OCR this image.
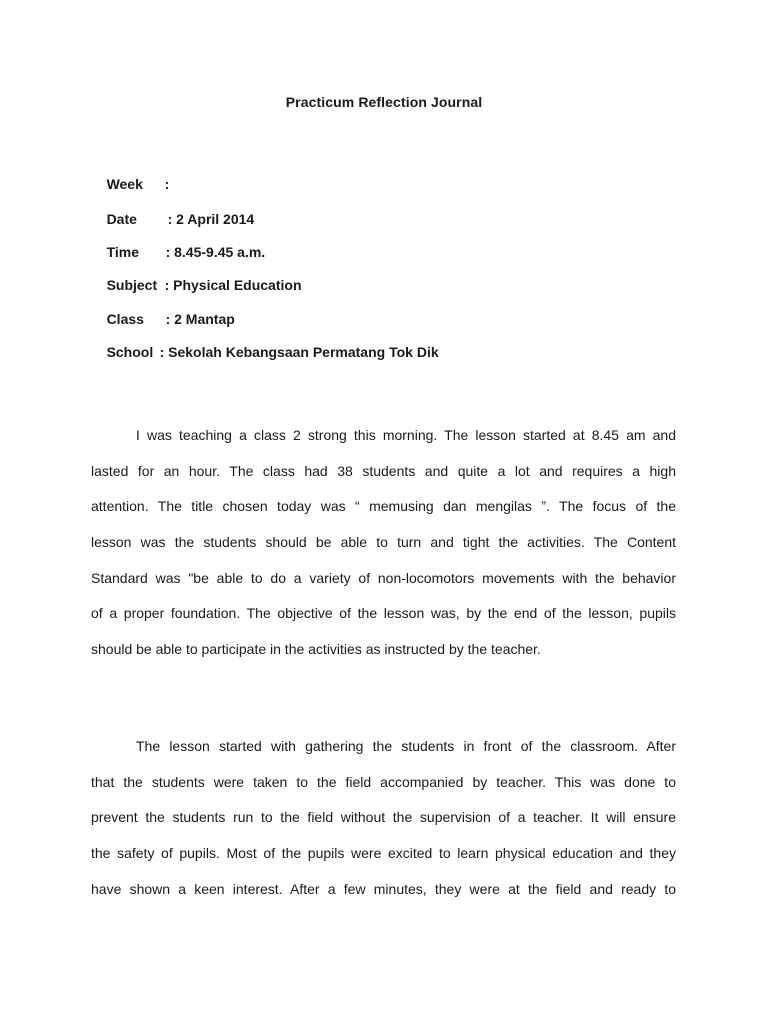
Practicum Reflection Journal

Week :

Date : 2 April 2014

Time : 8.45-9.45 a.m.

Subject : Physical Education

Class : 2 Mantap

School : Sekolah Kebangsaan Permatang Tok Dik

I was teaching a class 2 strong this morning. The lesson started at 8.45 am and
lasted for an hour. The class had 38 students and quite a lot and requires a high
attention. The title chosen today was “ memusing dan mengilas ”. The focus of the
lesson was the students should be able to turn and tight the activities. The Content
Standard was "be able to do a variety of non-locomotors movements with the behavior
of a proper foundation. The objective of the lesson was, by the end of the lesson, pupils
should be able to participate in the activities as instructed by the teacher.
The lesson started with gathering the students in front of the classroom. After
that the students were taken to the field accompanied by teacher. This was done to
prevent the students run to the field without the supervision of a teacher. It will ensure
the safety of pupils. Most of the pupils were excited to learn physical education and they
have shown a keen interest. After a few minutes, they were at the field and ready to
